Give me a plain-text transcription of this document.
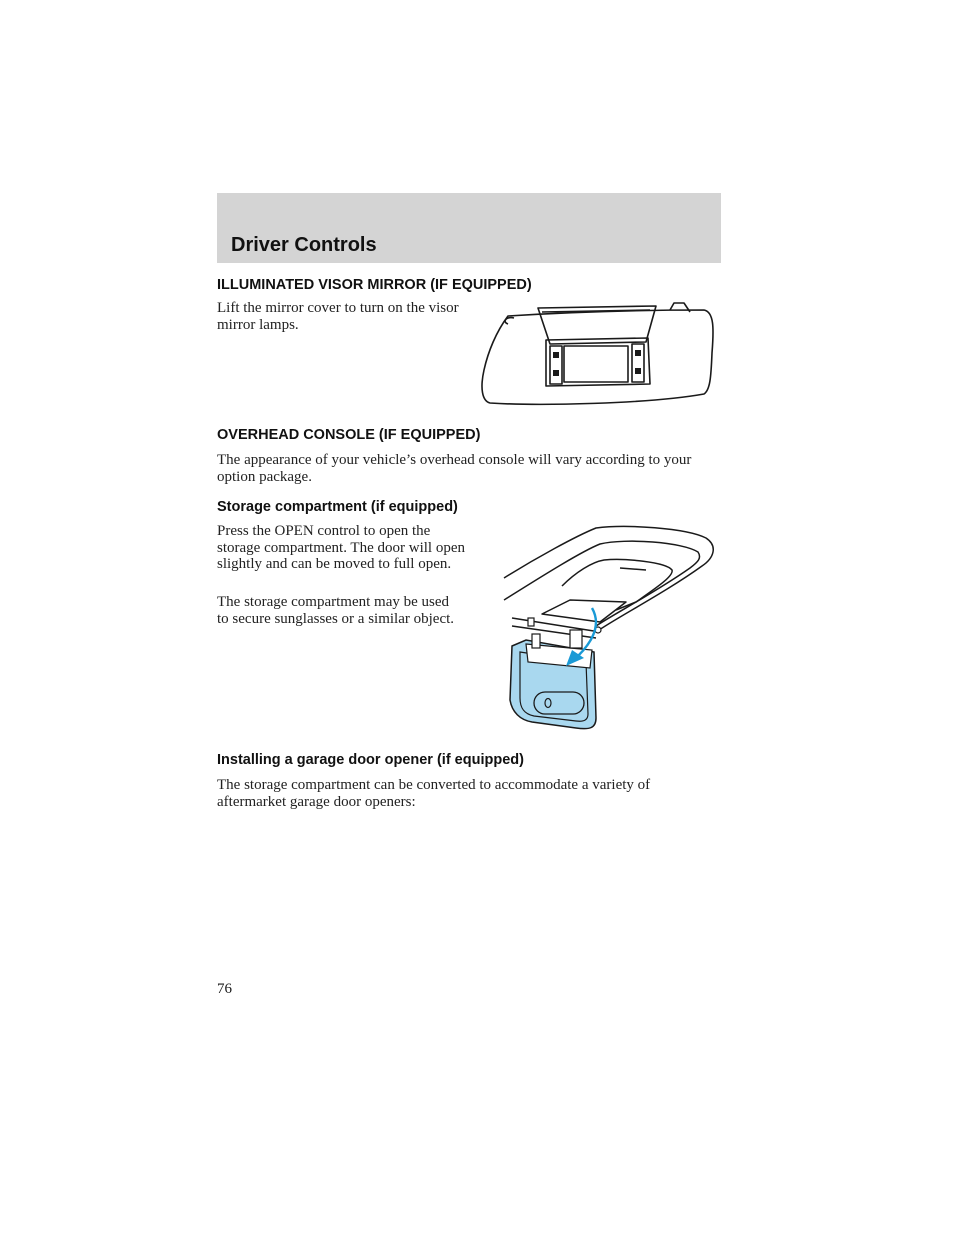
Driver Controls
ILLUMINATED VISOR MIRROR (IF EQUIPPED)

Lift the mirror cover to turn on the visor mirror lamps.

OVERHEAD CONSOLE (IF EQUIPPED)

The appearance of your vehicle’s overhead console will vary according to your option package.

Storage compartment (if equipped)

Press the OPEN control to open the storage compartment. The door will open slightly and can be moved to full open.

The storage compartment may be used to secure sunglasses or a similar object.

Installing a garage door opener (if equipped)

The storage compartment can be converted to accommodate a variety of aftermarket garage door openers:

76
